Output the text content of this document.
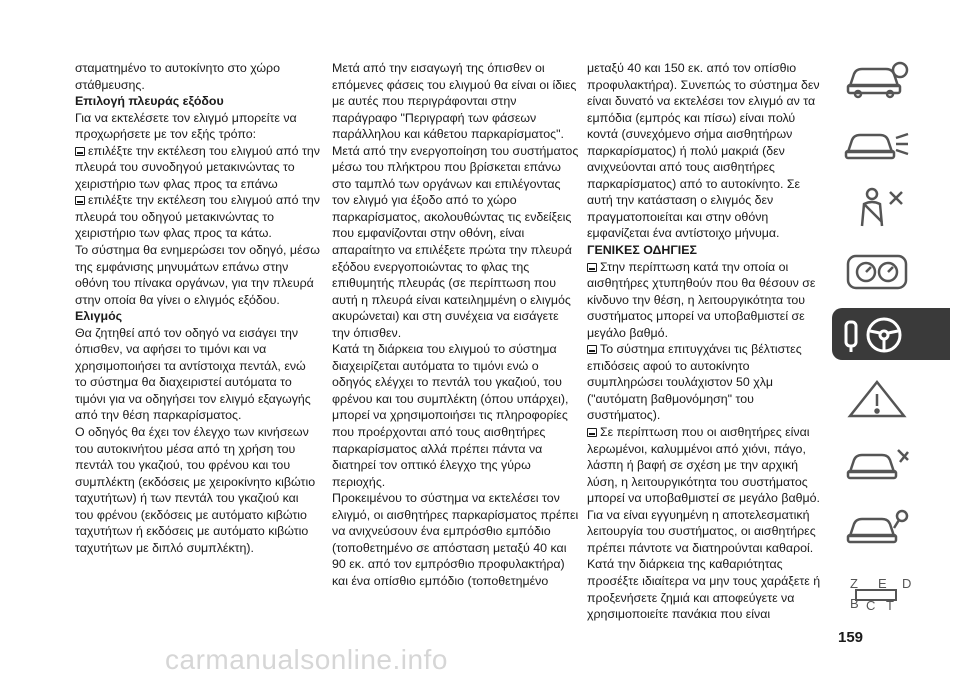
σταματημένο το αυτοκίνητο στο χώρο στάθμευσης.

Επιλογή πλευράς εξόδου

Για να εκτελέσετε τον ελιγμό μπορείτε να προχωρήσετε με τον εξής τρόπο:

επιλέξτε την εκτέλεση του ελιγμού από την πλευρά του συνοδηγού μετακινώντας το χειριστήριο των φλας προς τα επάνω

επιλέξτε την εκτέλεση του ελιγμού από την πλευρά του οδηγού μετακινώντας το χειριστήριο των φλας προς τα κάτω.

Το σύστημα θα ενημερώσει τον οδηγό, μέσω της εμφάνισης μηνυμάτων επάνω στην οθόνη του πίνακα οργάνων, για την πλευρά στην οποία θα γίνει ο ελιγμός εξόδου.

Ελιγμός

Θα ζητηθεί από τον οδηγό να εισάγει την όπισθεν, να αφήσει το τιμόνι και να χρησιμοποιήσει τα αντίστοιχα πεντάλ, ενώ το σύστημα θα διαχειριστεί αυτόματα το τιμόνι για να οδηγήσει τον ελιγμό εξαγωγής από την θέση παρκαρίσματος.

Ο οδηγός θα έχει τον έλεγχο των κινήσεων του αυτοκινήτου μέσα από τη χρήση του πεντάλ του γκαζιού, του φρένου και του συμπλέκτη (εκδόσεις με χειροκίνητο κιβώτιο ταχυτήτων) ή των πεντάλ του γκαζιού και του φρένου (εκδόσεις με αυτόματο κιβώτιο ταχυτήτων ή εκδόσεις με αυτόματο κιβώτιο ταχυτήτων με διπλό συμπλέκτη).

Μετά από την εισαγωγή της όπισθεν οι επόμενες φάσεις του ελιγμού θα είναι οι ίδιες με αυτές που περιγράφονται στην παράγραφο "Περιγραφή των φάσεων παράλληλου και κάθετου παρκαρίσματος".

Μετά από την ενεργοποίηση του συστήματος μέσω του πλήκτρου που βρίσκεται επάνω στο ταμπλό των οργάνων και επιλέγοντας τον ελιγμό για έξοδο από το χώρο παρκαρίσματος, ακολουθώντας τις ενδείξεις που εμφανίζονται στην οθόνη, είναι απαραίτητο να επιλέξετε πρώτα την πλευρά εξόδου ενεργοποιώντας το φλας της επιθυμητής πλευράς (σε περίπτωση που αυτή η πλευρά είναι κατειλημμένη ο ελιγμός ακυρώνεται) και στη συνέχεια να εισάγετε την όπισθεν.

Κατά τη διάρκεια του ελιγμού το σύστημα διαχειρίζεται αυτόματα το τιμόνι ενώ ο οδηγός ελέγχει το πεντάλ του γκαζιού, του φρένου και του συμπλέκτη (όπου υπάρχει), μπορεί να χρησιμοποιήσει τις πληροφορίες που προέρχονται από τους αισθητήρες παρκαρίσματος αλλά πρέπει πάντα να διατηρεί τον οπτικό έλεγχο της γύρω περιοχής.

Προκειμένου το σύστημα να εκτελέσει τον ελιγμό, οι αισθητήρες παρκαρίσματος πρέπει να ανιχνεύσουν ένα εμπρόσθιο εμπόδιο (τοποθετημένο σε απόσταση μεταξύ 40 και 90 εκ. από τον εμπρόσθιο προφυλακτήρα) και ένα οπίσθιο εμπόδιο (τοποθετημένο

μεταξύ 40 και 150 εκ. από τον οπίσθιο προφυλακτήρα). Συνεπώς το σύστημα δεν είναι δυνατό να εκτελέσει τον ελιγμό αν τα εμπόδια (εμπρός και πίσω) είναι πολύ κοντά (συνεχόμενο σήμα αισθητήρων παρκαρίσματος) ή πολύ μακριά (δεν ανιχνεύονται από τους αισθητήρες παρκαρίσματος) από το αυτοκίνητο. Σε αυτή την κατάσταση ο ελιγμός δεν πραγματοποιείται και στην οθόνη εμφανίζεται ένα αντίστοιχο μήνυμα.

ΓΕΝΙΚΕΣ ΟΔΗΓΙΕΣ

Στην περίπτωση κατά την οποία οι αισθητήρες χτυπηθούν που θα θέσουν σε κίνδυνο την θέση, η λειτουργικότητα του συστήματος μπορεί να υποβαθμιστεί σε μεγάλο βαθμό.

Το σύστημα επιτυγχάνει τις βέλτιστες επιδόσεις αφού το αυτοκίνητο συμπληρώσει τουλάχιστον 50 χλμ ("αυτόματη βαθμονόμηση" του συστήματος).

Σε περίπτωση που οι αισθητήρες είναι λερωμένοι, καλυμμένοι από χιόνι, πάγο, λάσπη ή βαφή σε σχέση με την αρχική λύση, η λειτουργικότητα του συστήματος μπορεί να υποβαθμιστεί σε μεγάλο βαθμό. Για να είναι εγγυημένη η αποτελεσματική λειτουργία του συστήματος, οι αισθητήρες πρέπει πάντοτε να διατηρούνται καθαροί.

Κατά την διάρκεια της καθαριότητας προσέξτε ιδιαίτερα να μην τους χαράξετε ή προξενήσετε ζημιά και αποφεύγετε να χρησιμοποιείτε πανάκια που είναι

Z
B
E D
C T
159
carmanualsonline.info
